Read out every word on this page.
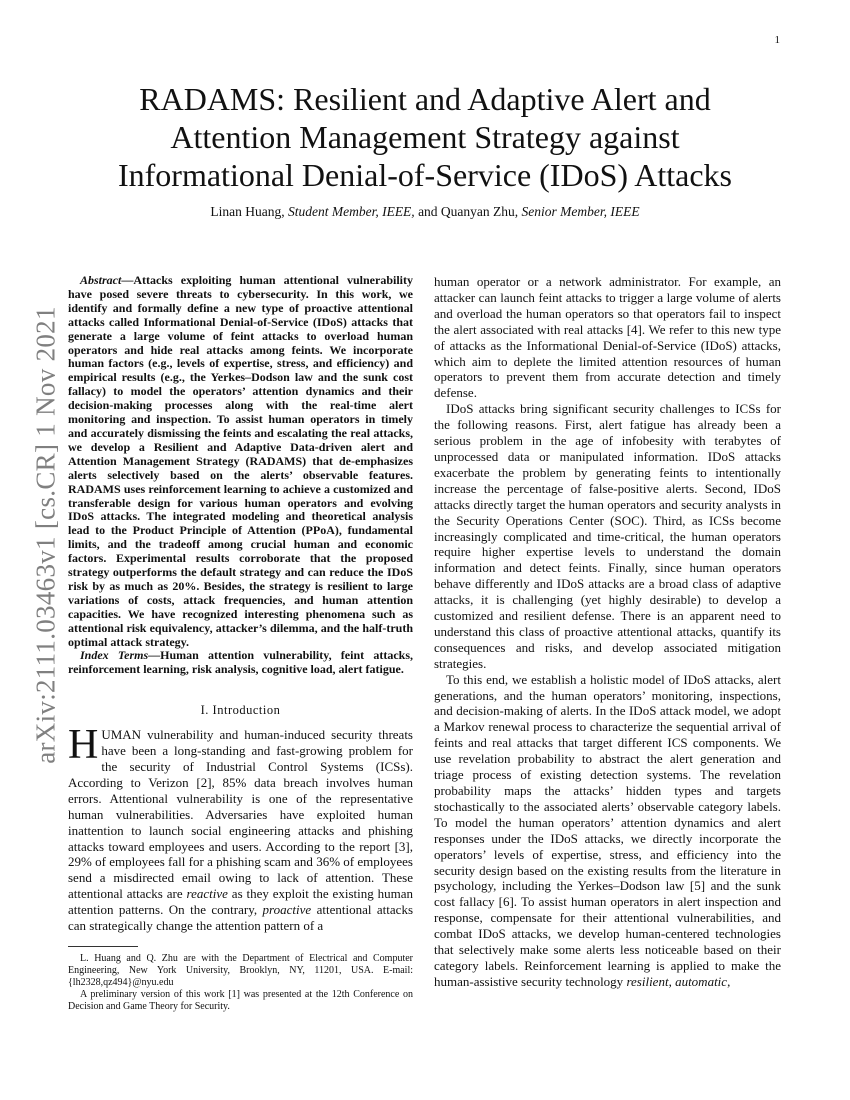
1
arXiv:2111.03463v1 [cs.CR] 1 Nov 2021
RADAMS: Resilient and Adaptive Alert and
Attention Management Strategy against
Informational Denial-of-Service (IDoS) Attacks
Linan Huang, Student Member, IEEE, and Quanyan Zhu, Senior Member, IEEE

Abstract—Attacks exploiting human attentional vulnerability have posed severe threats to cybersecurity. In this work, we identify and formally define a new type of proactive attentional attacks called Informational Denial-of-Service (IDoS) attacks that generate a large volume of feint attacks to overload human operators and hide real attacks among feints. We incorporate human factors (e.g., levels of expertise, stress, and efficiency) and empirical results (e.g., the Yerkes–Dodson law and the sunk cost fallacy) to model the operators’ attention dynamics and their decision-making processes along with the real-time alert monitoring and inspection. To assist human operators in timely and accurately dismissing the feints and escalating the real attacks, we develop a Resilient and Adaptive Data-driven alert and Attention Management Strategy (RADAMS) that de-emphasizes alerts selectively based on the alerts’ observable features. RADAMS uses reinforcement learning to achieve a customized and transferable design for various human operators and evolving IDoS attacks. The integrated modeling and theoretical analysis lead to the Product Principle of Attention (PPoA), fundamental limits, and the tradeoff among crucial human and economic factors. Experimental results corroborate that the proposed strategy outperforms the default strategy and can reduce the IDoS risk by as much as 20%. Besides, the strategy is resilient to large variations of costs, attack frequencies, and human attention capacities. We have recognized interesting phenomena such as attentional risk equivalency, attacker’s dilemma, and the half-truth optimal attack strategy.

Index Terms—Human attention vulnerability, feint attacks, reinforcement learning, risk analysis, cognitive load, alert fatigue.

I. Introduction

HUMAN vulnerability and human-induced security threats have been a long-standing and fast-growing problem for the security of Industrial Control Systems (ICSs). According to Verizon [2], 85% data breach involves human errors. Attentional vulnerability is one of the representative human vulnerabilities. Adversaries have exploited human inattention to launch social engineering attacks and phishing attacks toward employees and users. According to the report [3], 29% of employees fall for a phishing scam and 36% of employees send a misdirected email owing to lack of attention. These attentional attacks are reactive as they exploit the existing human attention patterns. On the contrary, proactive attentional attacks can strategically change the attention pattern of a

L. Huang and Q. Zhu are with the Department of Electrical and Computer Engineering, New York University, Brooklyn, NY, 11201, USA. E-mail:{lh2328,qz494}@nyu.edu

A preliminary version of this work [1] was presented at the 12th Conference on Decision and Game Theory for Security.

human operator or a network administrator. For example, an attacker can launch feint attacks to trigger a large volume of alerts and overload the human operators so that operators fail to inspect the alert associated with real attacks [4]. We refer to this new type of attacks as the Informational Denial-of-Service (IDoS) attacks, which aim to deplete the limited attention resources of human operators to prevent them from accurate detection and timely defense.

IDoS attacks bring significant security challenges to ICSs for the following reasons. First, alert fatigue has already been a serious problem in the age of infobesity with terabytes of unprocessed data or manipulated information. IDoS attacks exacerbate the problem by generating feints to intentionally increase the percentage of false-positive alerts. Second, IDoS attacks directly target the human operators and security analysts in the Security Operations Center (SOC). Third, as ICSs become increasingly complicated and time-critical, the human operators require higher expertise levels to understand the domain information and detect feints. Finally, since human operators behave differently and IDoS attacks are a broad class of adaptive attacks, it is challenging (yet highly desirable) to develop a customized and resilient defense. There is an apparent need to understand this class of proactive attentional attacks, quantify its consequences and risks, and develop associated mitigation strategies.

To this end, we establish a holistic model of IDoS attacks, alert generations, and the human operators’ monitoring, inspections, and decision-making of alerts. In the IDoS attack model, we adopt a Markov renewal process to characterize the sequential arrival of feints and real attacks that target different ICS components. We use revelation probability to abstract the alert generation and triage process of existing detection systems. The revelation probability maps the attacks’ hidden types and targets stochastically to the associated alerts’ observable category labels. To model the human operators’ attention dynamics and alert responses under the IDoS attacks, we directly incorporate the operators’ levels of expertise, stress, and efficiency into the security design based on the existing results from the literature in psychology, including the Yerkes–Dodson law [5] and the sunk cost fallacy [6]. To assist human operators in alert inspection and response, compensate for their attentional vulnerabilities, and combat IDoS attacks, we develop human-centered technologies that selectively make some alerts less noticeable based on their category labels. Reinforcement learning is applied to make the human-assistive security technology resilient, automatic,
